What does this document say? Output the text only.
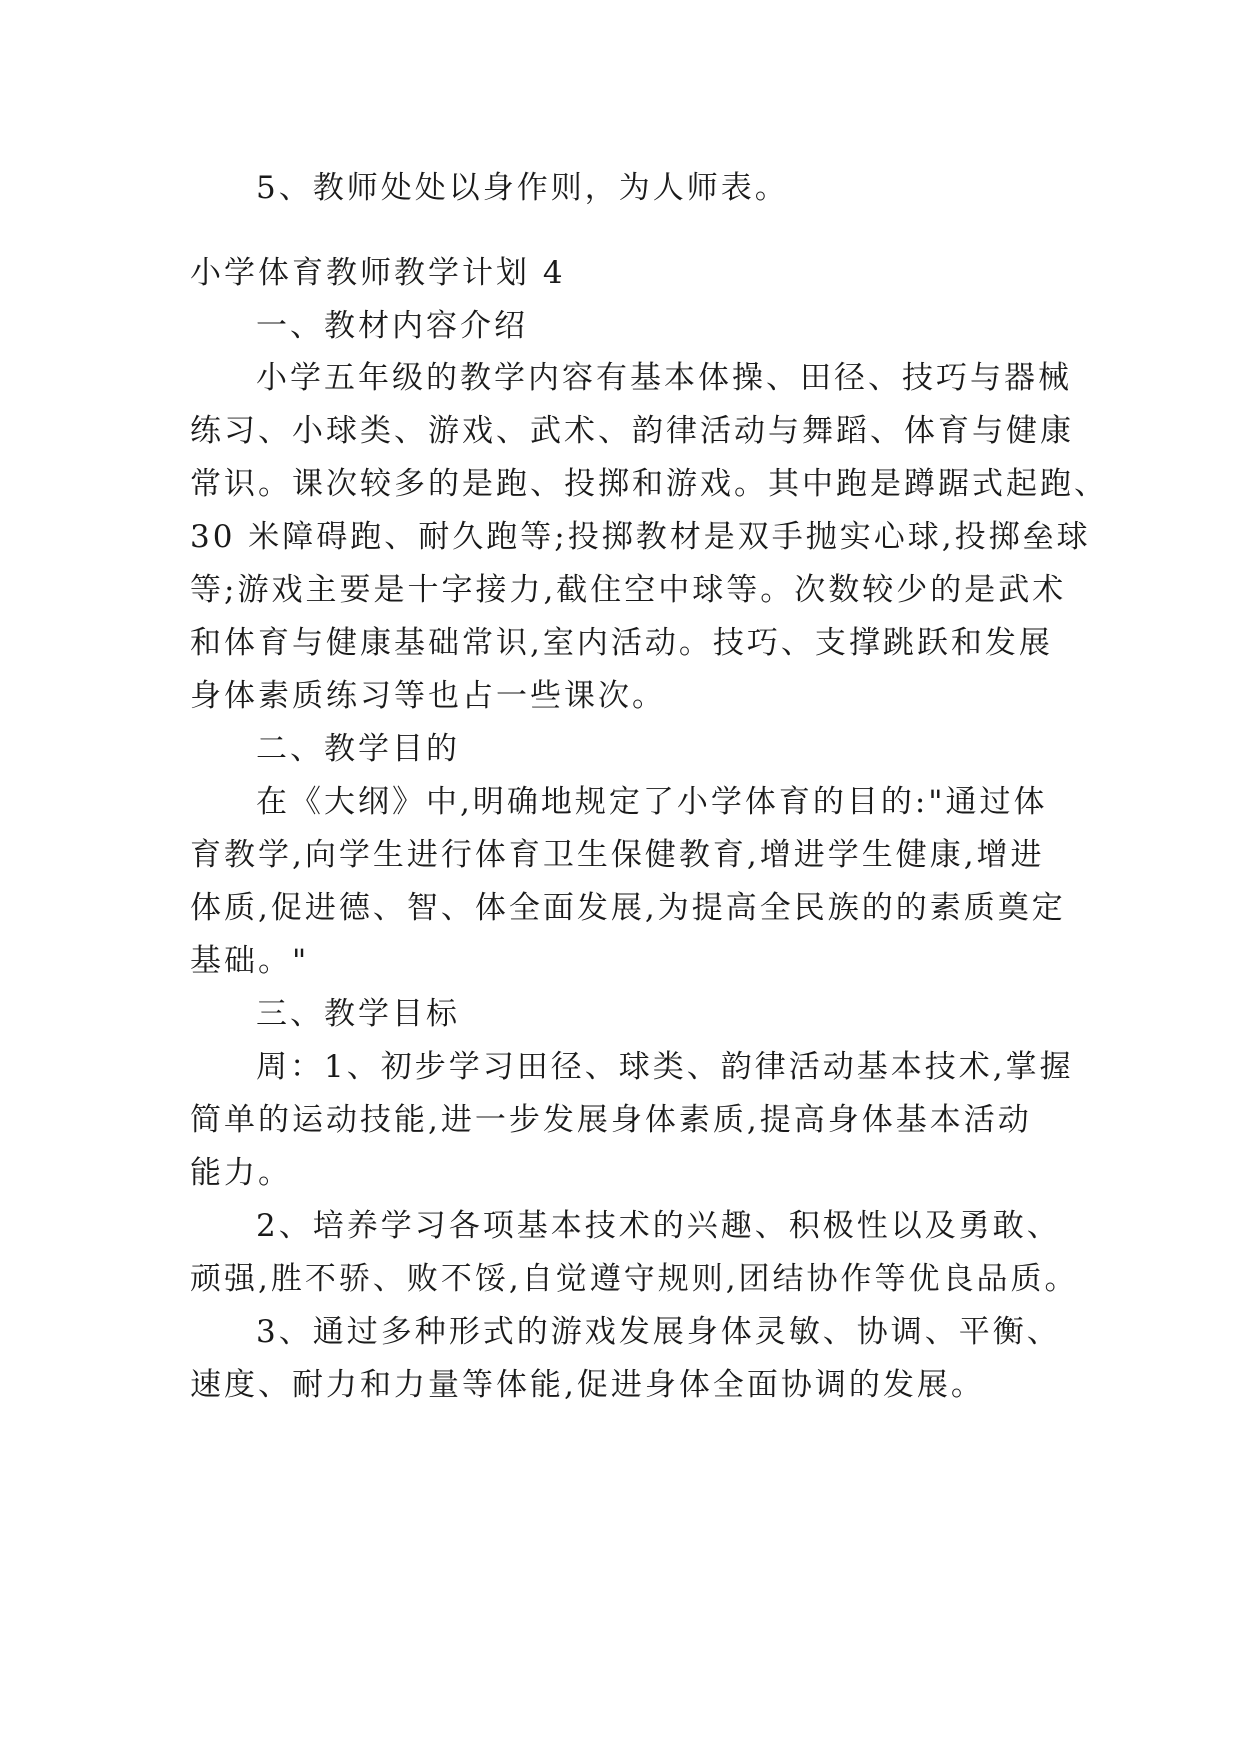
5、教师处处以身作则，为人师表。
小学体育教师教学计划 4
一、教材内容介绍
小学五年级的教学内容有基本体操、田径、技巧与器械
练习、小球类、游戏、武术、韵律活动与舞蹈、体育与健康
常识。课次较多的是跑、投掷和游戏。其中跑是蹲踞式起跑、
30 米障碍跑、耐久跑等;投掷教材是双手抛实心球,投掷垒球
等;游戏主要是十字接力,截住空中球等。次数较少的是武术
和体育与健康基础常识,室内活动。技巧、支撑跳跃和发展
身体素质练习等也占一些课次。
二、教学目的
在《大纲》中,明确地规定了小学体育的目的:"通过体
育教学,向学生进行体育卫生保健教育,增进学生健康,增进
体质,促进德、智、体全面发展,为提高全民族的的素质奠定
基础。"
三、教学目标
周：1、初步学习田径、球类、韵律活动基本技术,掌握
简单的运动技能,进一步发展身体素质,提高身体基本活动
能力。
2、培养学习各项基本技术的兴趣、积极性以及勇敢、
顽强,胜不骄、败不馁,自觉遵守规则,团结协作等优良品质。
3、通过多种形式的游戏发展身体灵敏、协调、平衡、
速度、耐力和力量等体能,促进身体全面协调的发展。
